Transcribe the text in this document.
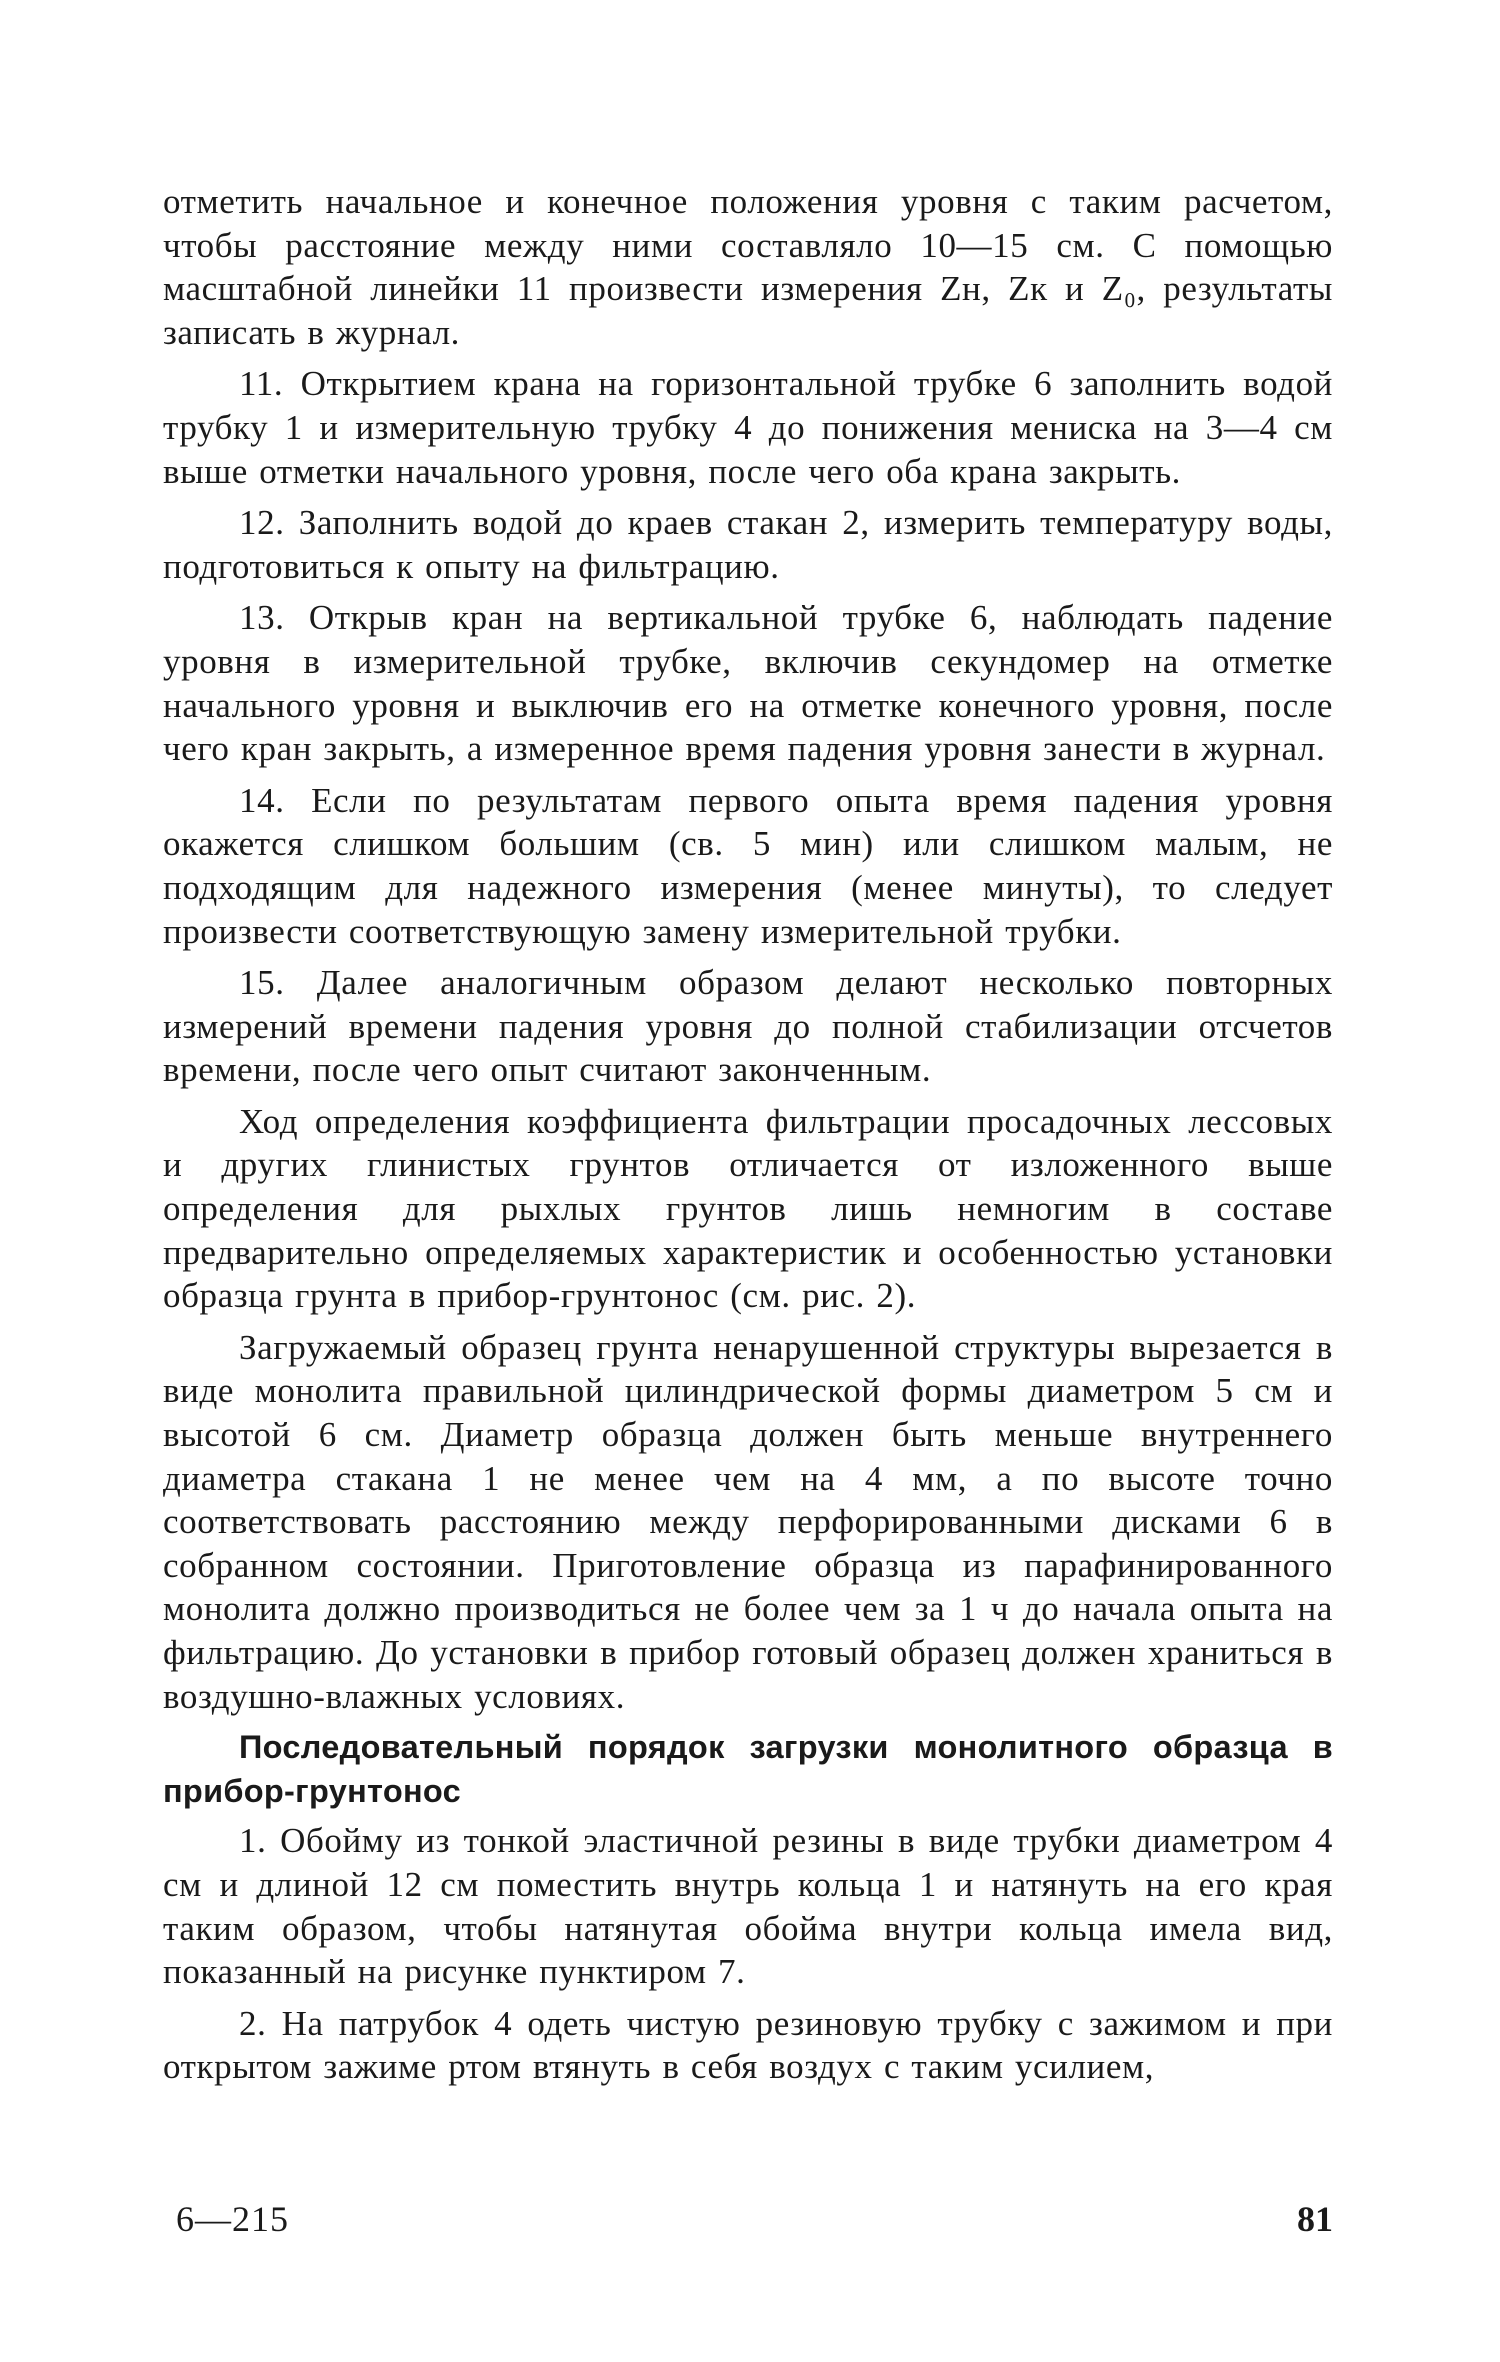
отметить начальное и конечное положения уровня с таким расчетом, чтобы расстояние между ними составляло 10—15 см. С помощью масштабной линейки 11 произвести измерения Zн, Zк и Z₀, результаты записать в журнал.

11. Открытием крана на горизонтальной трубке 6 заполнить водой трубку 1 и измерительную трубку 4 до понижения мениска на 3—4 см выше отметки начального уровня, после чего оба крана закрыть.

12. Заполнить водой до краев стакан 2, измерить температуру воды, подготовиться к опыту на фильтрацию.

13. Открыв кран на вертикальной трубке 6, наблюдать падение уровня в измерительной трубке, включив секундомер на отметке начального уровня и выключив его на отметке конечного уровня, после чего кран закрыть, а измеренное время падения уровня занести в журнал.

14. Если по результатам первого опыта время падения уровня окажется слишком большим (св. 5 мин) или слишком малым, не подходящим для надежного измерения (менее минуты), то следует произвести соответствующую замену измерительной трубки.

15. Далее аналогичным образом делают несколько повторных измерений времени падения уровня до полной стабилизации отсчетов времени, после чего опыт считают законченным.

Ход определения коэффициента фильтрации просадочных лессовых и других глинистых грунтов отличается от изложенного выше определения для рыхлых грунтов лишь немногим в составе предварительно определяемых характеристик и особенностью установки образца грунта в прибор-грунтонос (см. рис. 2).

Загружаемый образец грунта ненарушенной структуры вырезается в виде монолита правильной цилиндрической формы диаметром 5 см и высотой 6 см. Диаметр образца должен быть меньше внутреннего диаметра стакана 1 не менее чем на 4 мм, а по высоте точно соответствовать расстоянию между перфорированными дисками 6 в собранном состоянии. Приготовление образца из парафинированного монолита должно производиться не более чем за 1 ч до начала опыта на фильтрацию. До установки в прибор готовый образец должен храниться в воздушно-влажных условиях.

Последовательный порядок загрузки монолитного образца в прибор-грунтонос

1. Обойму из тонкой эластичной резины в виде трубки диаметром 4 см и длиной 12 см поместить внутрь кольца 1 и натянуть на его края таким образом, чтобы натянутая обойма внутри кольца имела вид, показанный на рисунке пунктиром 7.

2. На патрубок 4 одеть чистую резиновую трубку с зажимом и при открытом зажиме ртом втянуть в себя воздух с таким усилием,

6—215	81
